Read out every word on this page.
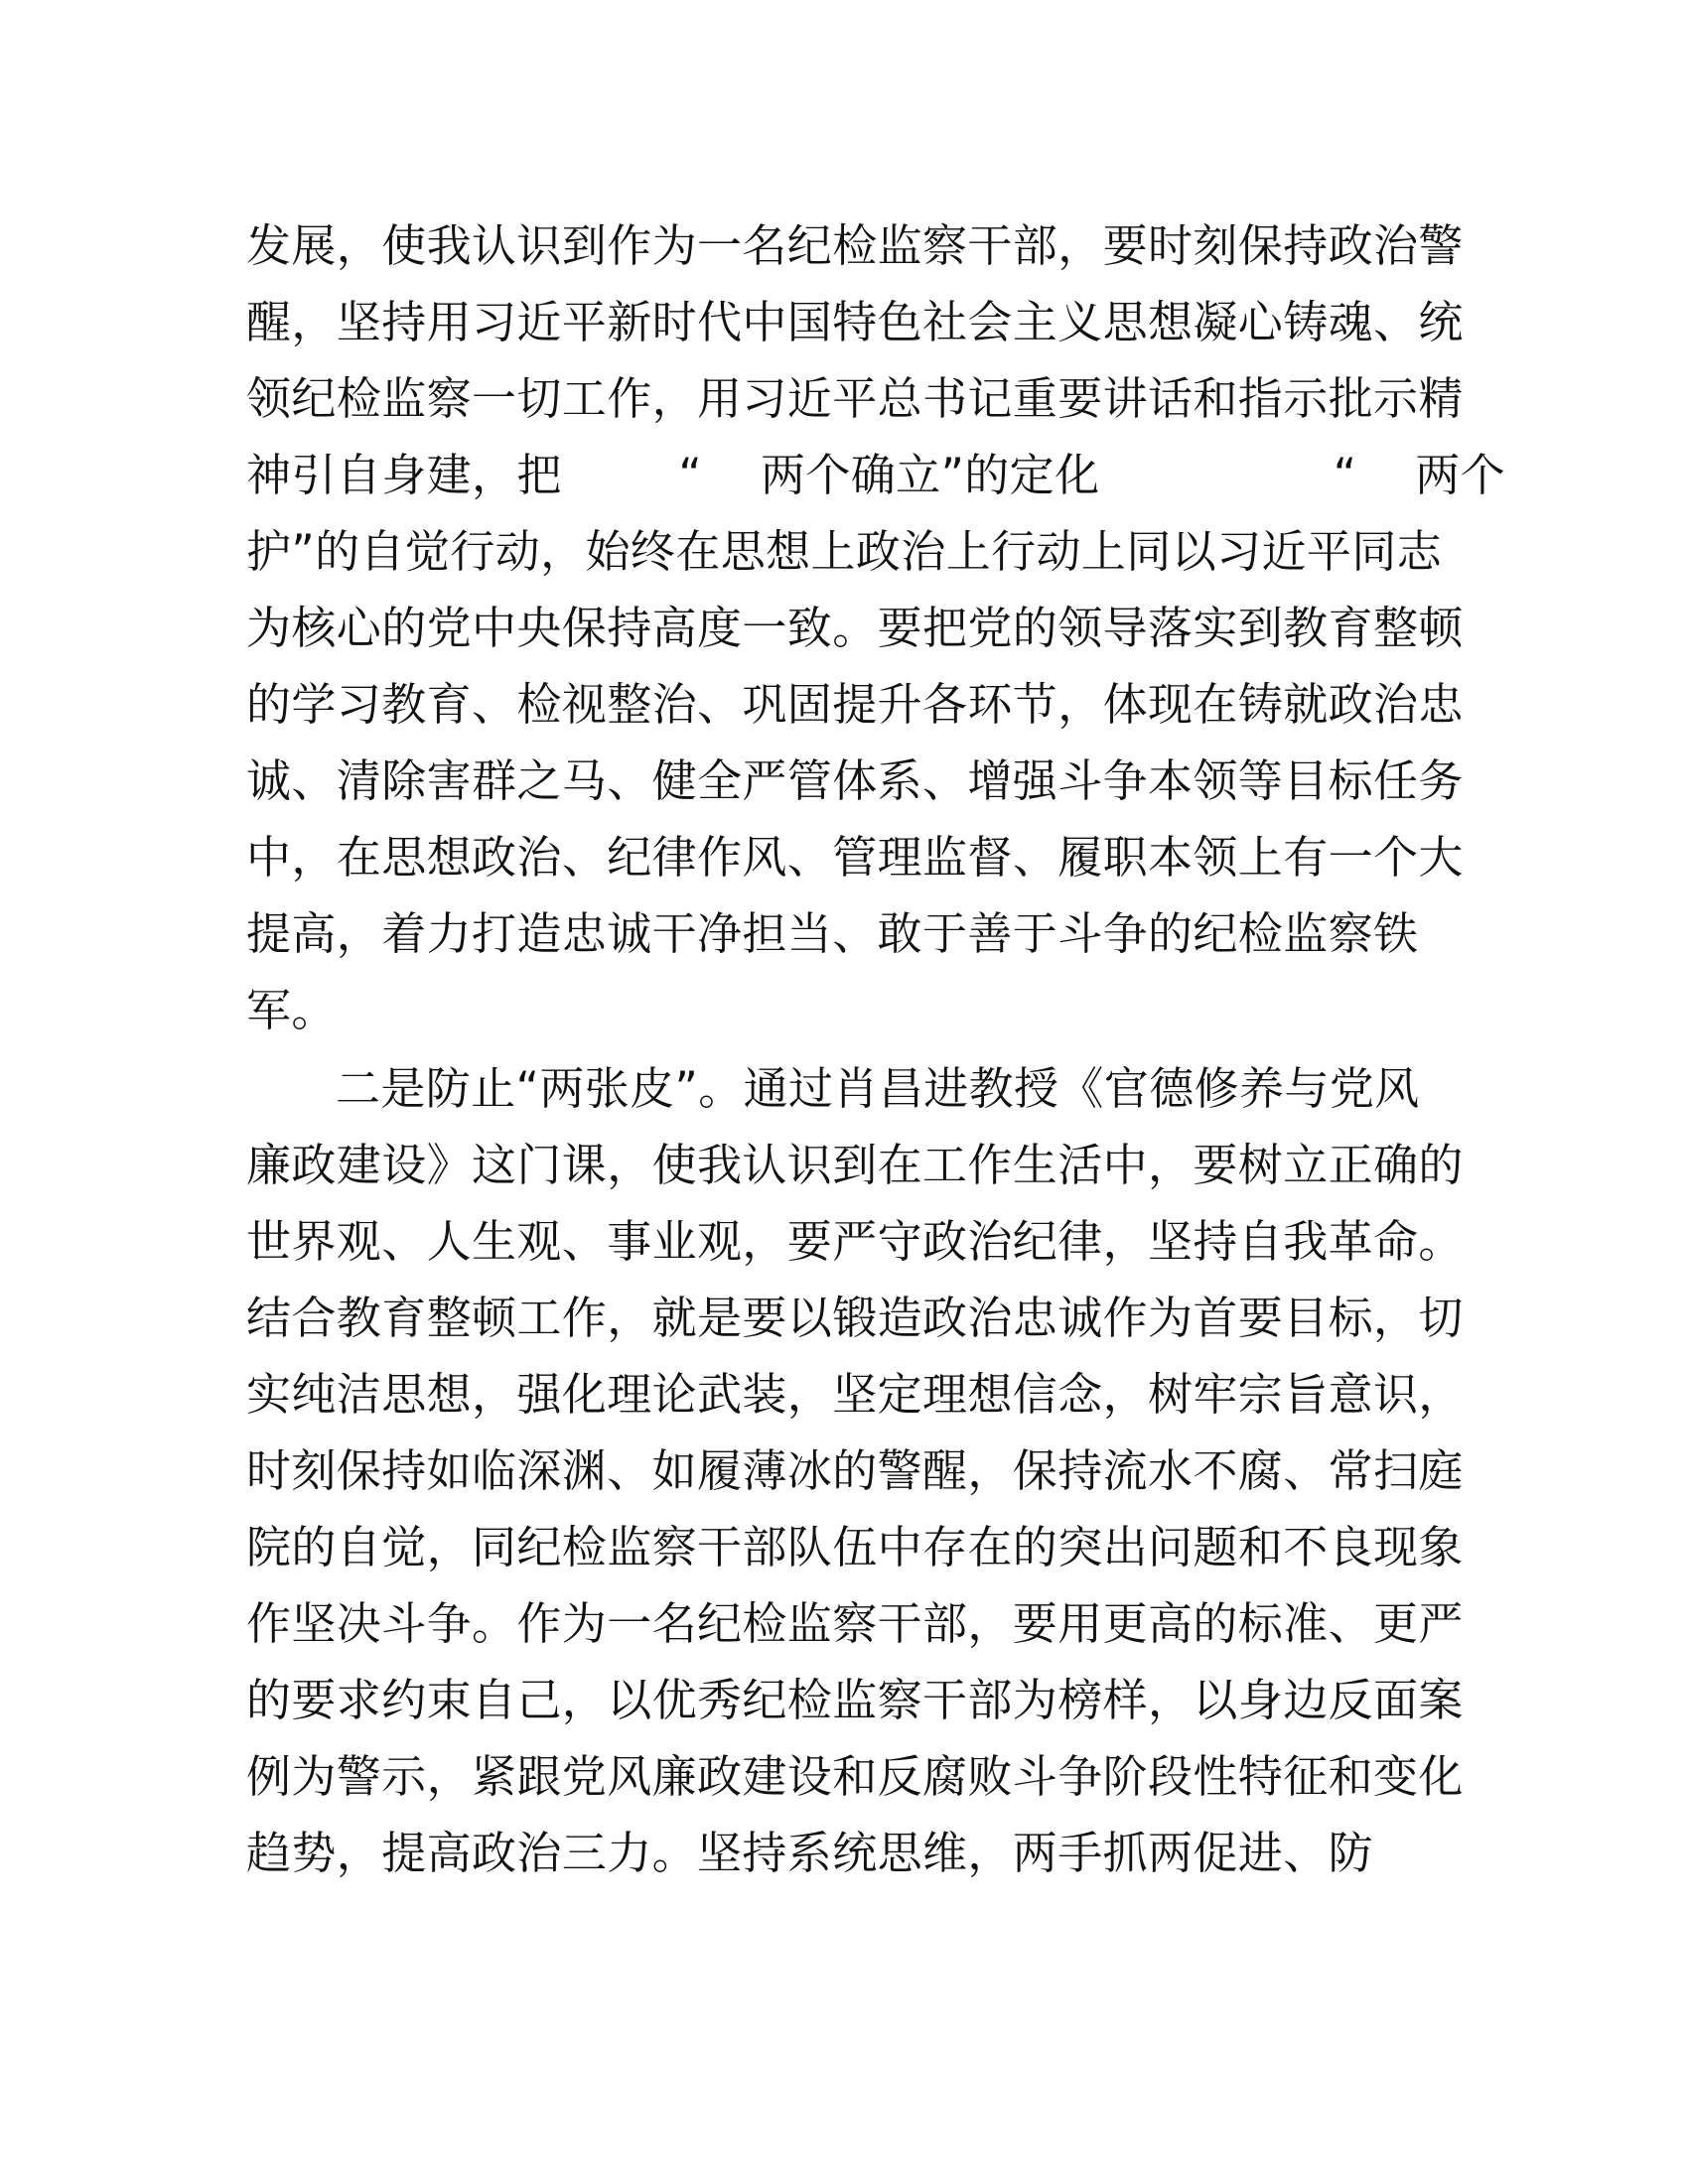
发展，使我认识到作为一名纪检监察干部，要时刻保持政治警
醒，坚持用习近平新时代中国特色社会主义思想凝心铸魂、统
领纪检监察一切工作，用习近平总书记重要讲话和指示批示精
神引自身建，把        “    两个确立”的定化                “    两个
护”的自觉行动，始终在思想上政治上行动上同以习近平同志
为核心的党中央保持高度一致。要把党的领导落实到教育整顿
的学习教育、检视整治、巩固提升各环节，体现在铸就政治忠
诚、清除害群之马、健全严管体系、增强斗争本领等目标任务
中，在思想政治、纪律作风、管理监督、履职本领上有一个大
提高，着力打造忠诚干净担当、敢于善于斗争的纪检监察铁
军。
二是防止“两张皮”。通过肖昌进教授《官德修养与党风
廉政建设》这门课，使我认识到在工作生活中，要树立正确的
世界观、人生观、事业观，要严守政治纪律，坚持自我革命。
结合教育整顿工作，就是要以锻造政治忠诚作为首要目标，切
实纯洁思想，强化理论武装，坚定理想信念，树牢宗旨意识，
时刻保持如临深渊、如履薄冰的警醒，保持流水不腐、常扫庭
院的自觉，同纪检监察干部队伍中存在的突出问题和不良现象
作坚决斗争。作为一名纪检监察干部，要用更高的标准、更严
的要求约束自己，以优秀纪检监察干部为榜样，以身边反面案
例为警示，紧跟党风廉政建设和反腐败斗争阶段性特征和变化
趋势，提高政治三力。坚持系统思维，两手抓两促进、防
